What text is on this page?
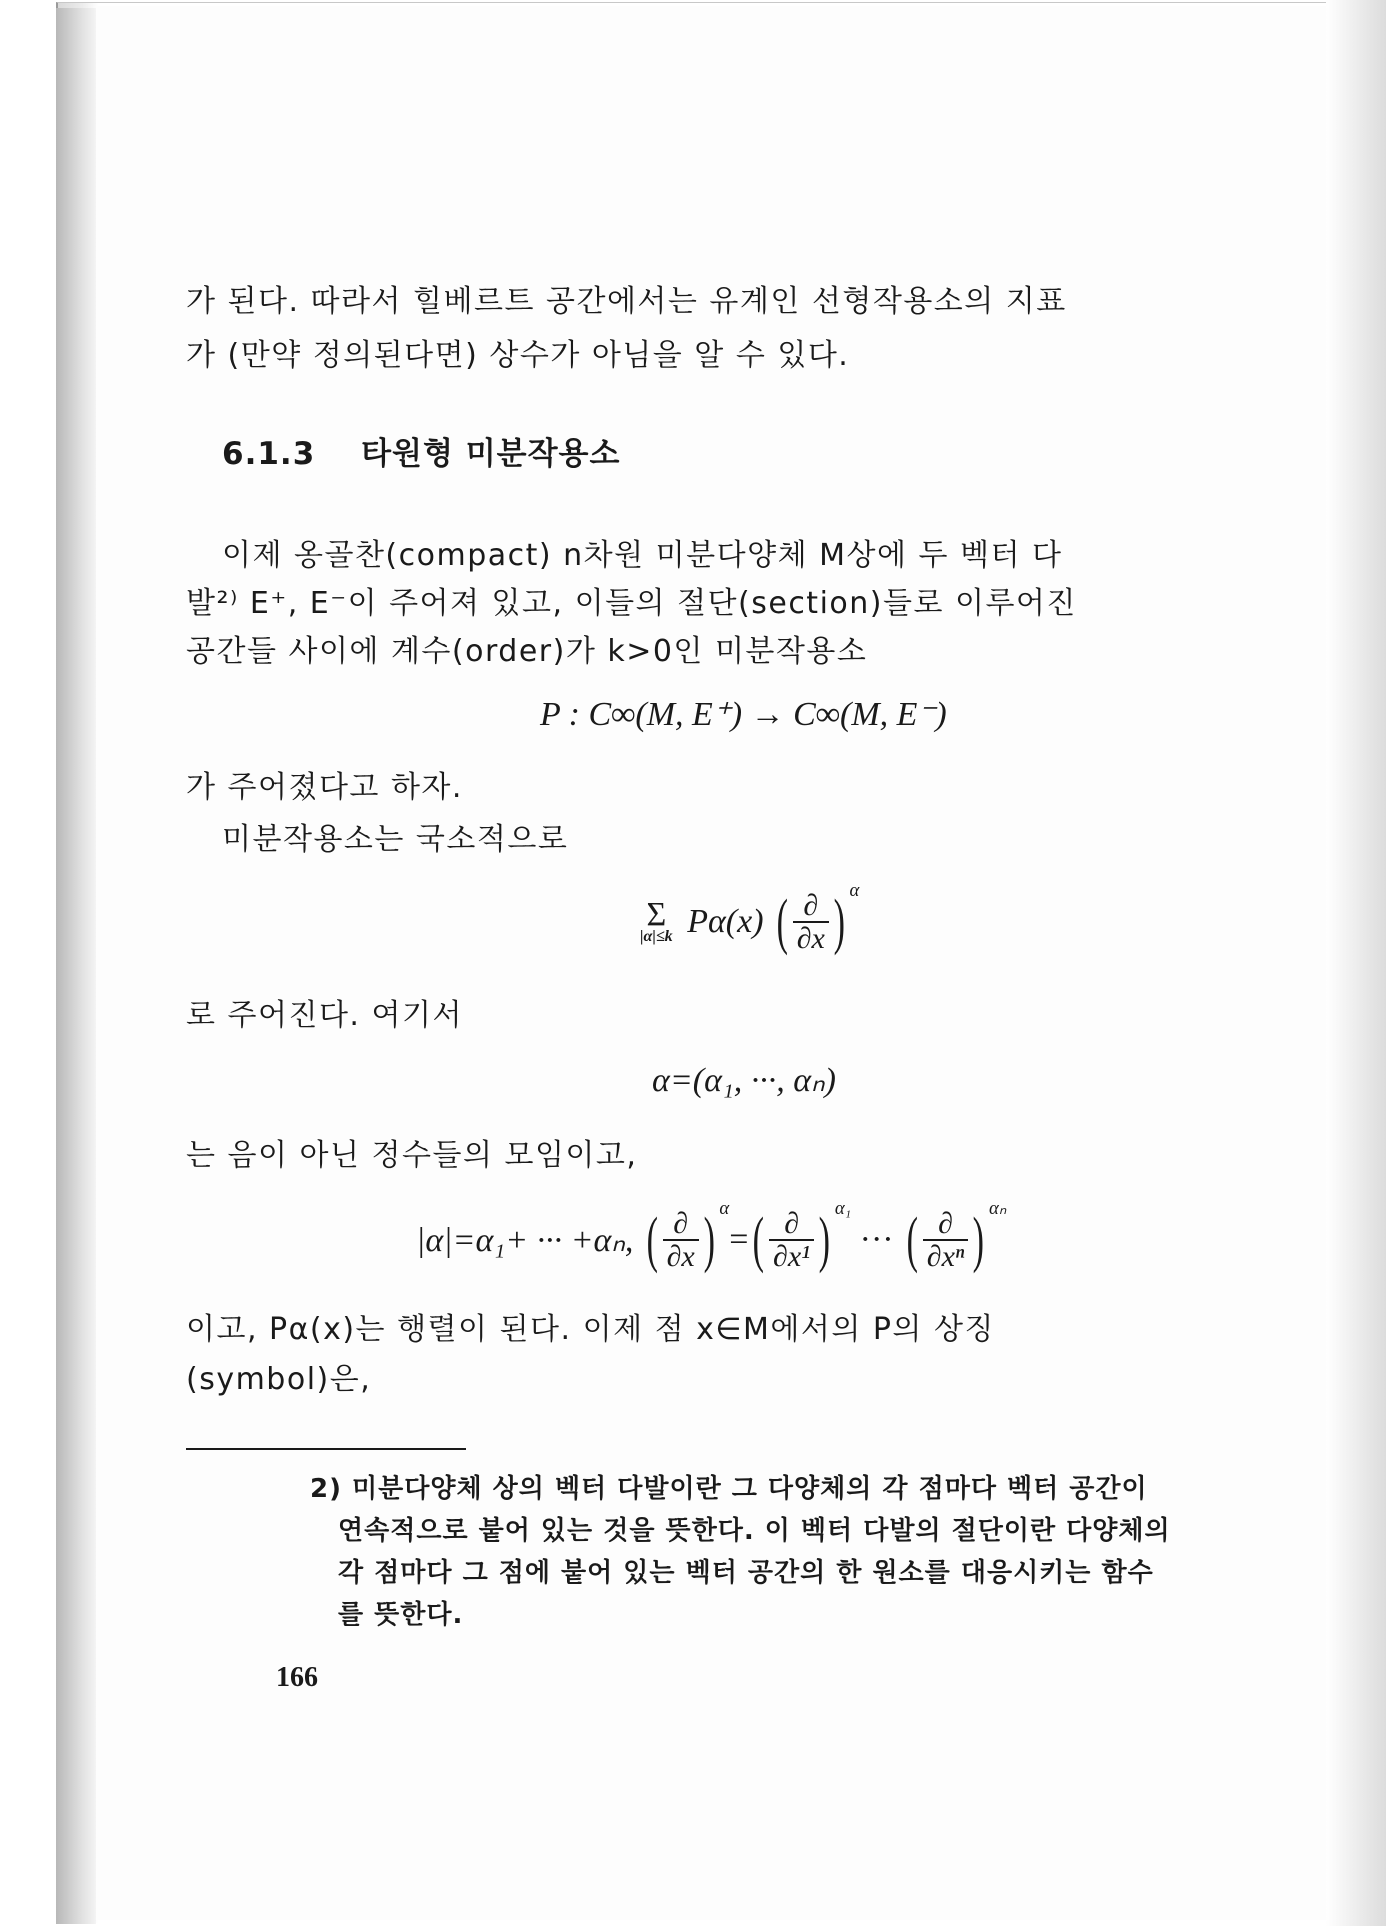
가 된다. 따라서 힐베르트 공간에서는 유계인 선형작용소의 지표
가 (만약 정의된다면) 상수가 아님을 알 수 있다.
6.1.3 타원형 미분작용소
이제 옹골찬(compact) n차원 미분다양체 M상에 두 벡터 다
발²⁾ E⁺, E⁻이 주어져 있고, 이들의 절단(section)들로 이루어진
공간들 사이에 계수(order)가 k>0인 미분작용소
P : C∞(M, E⁺) → C∞(M, E⁻)
가 주어졌다고 하자.
미분작용소는 국소적으로
Σ
|α|≤k Pα(x) ( $\frac{\partial}{\partial x}$ ) $^\alpha$
로 주어진다. 여기서
α=(α₁, ···, αₙ)
는 음이 아닌 정수들의 모임이고,
|α|=α₁+ ··· +αₙ, ( $\frac{\partial}{\partial x}$ ) $^\alpha=( \frac{\partial}{\text{∂x¹}}$ ) $^{\alpha_1}$ ··· ( $\frac{\partial}{\text{∂xⁿ}}$ ) $^{\alpha_n}$
이고, Pα(x)는 행렬이 된다. 이제 점 x∈M에서의 P의 상징
(symbol)은,
2) 미분다양체 상의 벡터 다발이란 그 다양체의 각 점마다 벡터 공간이
연속적으로 붙어 있는 것을 뜻한다. 이 벡터 다발의 절단이란 다양체의
각 점마다 그 점에 붙어 있는 벡터 공간의 한 원소를 대응시키는 함수
를 뜻한다.
166
